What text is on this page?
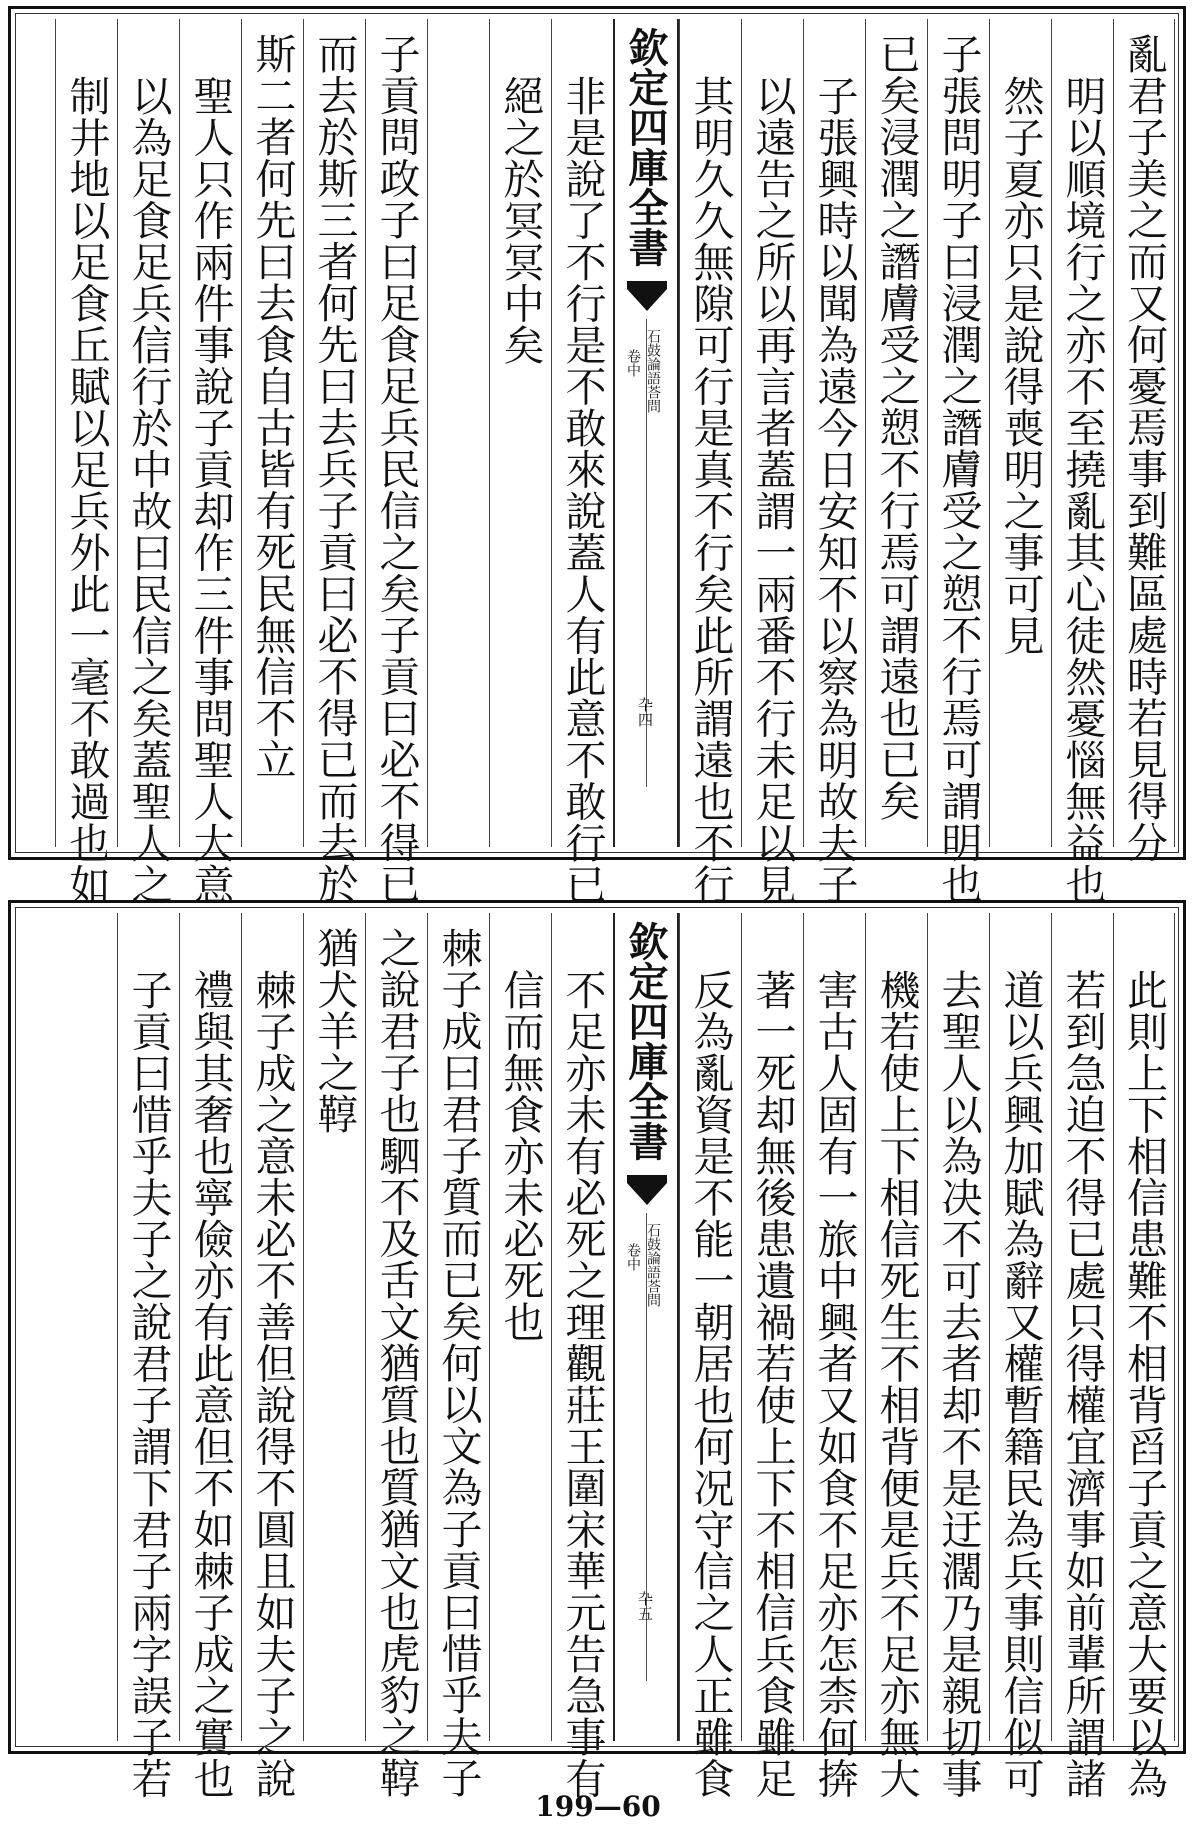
亂君子美之而又何憂焉事到難區處時若見得分
明以順境行之亦不至撓亂其心徒然憂惱無益也
然子夏亦只是說得喪明之事可見
子張問明子曰浸潤之譖膚受之愬不行焉可謂明也
已矣浸潤之譖膚受之愬不行焉可謂遠也已矣
子張興時以聞為遠今日安知不以察為明故夫子
以遠告之所以再言者蓋謂一兩番不行未足以見
其明久久無隙可行是真不行矣此所謂遠也不行
欽定四庫全書
石鼓論語荅問
卷中
卆四
非是說了不行是不敢來說蓋人有此意不敢行已
絕之於冥冥中矣
子貢問政子曰足食足兵民信之矣子貢曰必不得已
而去於斯三者何先曰去兵子貢曰必不得已而去於
斯二者何先曰去食自古皆有死民無信不立
聖人只作兩件事說子貢却作三件事問聖人大意
以為足食足兵信行於中故曰民信之矣蓋聖人之
制井地以足食丘賦以足兵外此一毫不敢過也如
此則上下相信患難不相背舀子貢之意大要以為
若到急迫不得已處只得權宜濟事如前輩所謂諸
道以兵興加賦為辭又權暫籍民為兵事則信似可
去聖人以為决不可去者却不是迂濶乃是親切事
機若使上下相信死生不相背便是兵不足亦無大
害古人固有一旅中興者又如食不足亦怎柰何捹
著一死却無後患遺禍若使上下不相信兵食雖足
反為亂資是不能一朝居也何况守信之人正雖食
欽定四庫全書
石鼓論語荅問
卷中
卆五
不足亦未有必死之理觀莊王圍宋華元告急事有
信而無食亦未必死也
棘子成曰君子質而已矣何以文為子貢曰惜乎夫子
之說君子也駟不及舌文猶質也質猶文也虎豹之鞟
猶犬羊之鞟
棘子成之意未必不善但說得不圓且如夫子之說
禮與其奢也寧儉亦有此意但不如棘子成之實也
子貢曰惜乎夫子之說君子謂下君子兩字誤子若
199—60
